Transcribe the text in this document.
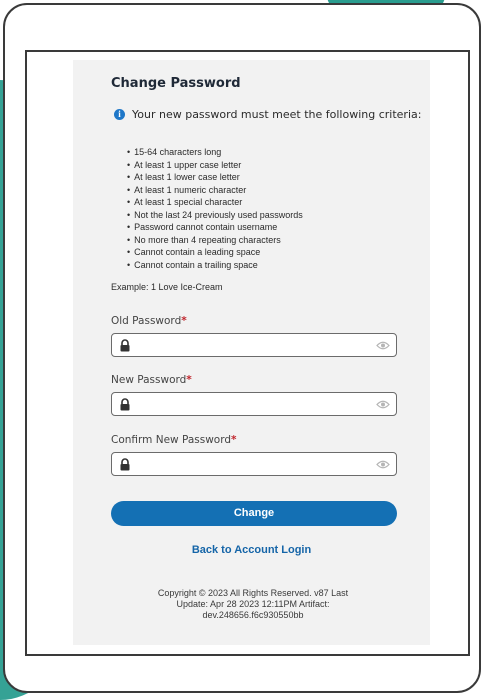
Change Password
i	Your new password must meet the following criteria:
• 15-64 characters long
• At least 1 upper case letter
• At least 1 lower case letter
• At least 1 numeric character
• At least 1 special character
• Not the last 24 previously used passwords
• Password cannot contain username
• No more than 4 repeating characters
• Cannot contain a leading space
• Cannot contain a trailing space
Example: 1 Love Ice-Cream
Old Password*
New Password*
Confirm New Password*
Change
Back to Account Login
Copyright © 2023 All Rights Reserved. v87 Last Update: Apr 28 2023 12:11PM Artifact: dev.248656.f6c930550bb
